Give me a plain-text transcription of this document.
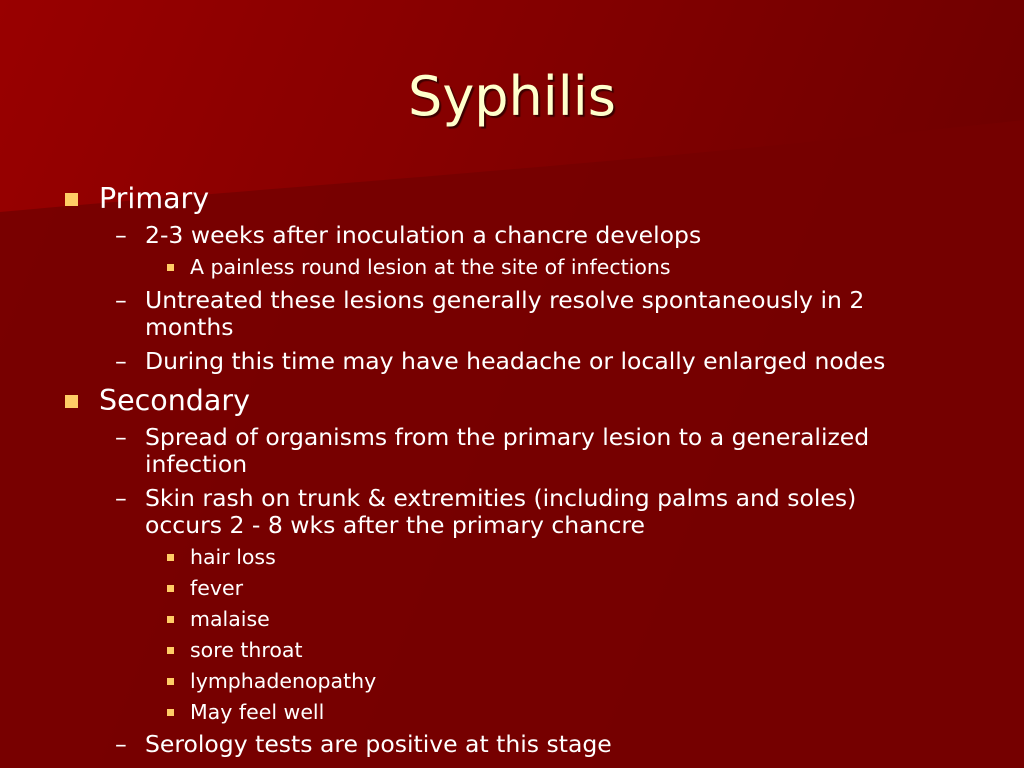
Syphilis
Primary
– 2-3 weeks after inoculation a chancre develops
A painless round lesion at the site of infections
– Untreated these lesions generally resolve spontaneously in 2
months
– During this time may have headache or locally enlarged nodes
Secondary
– Spread of organisms from the primary lesion to a generalized
infection
– Skin rash on trunk & extremities (including palms and soles)
occurs 2 - 8 wks after the primary chancre
hair loss
fever
malaise
sore throat
lymphadenopathy
May feel well
– Serology tests are positive at this stage
